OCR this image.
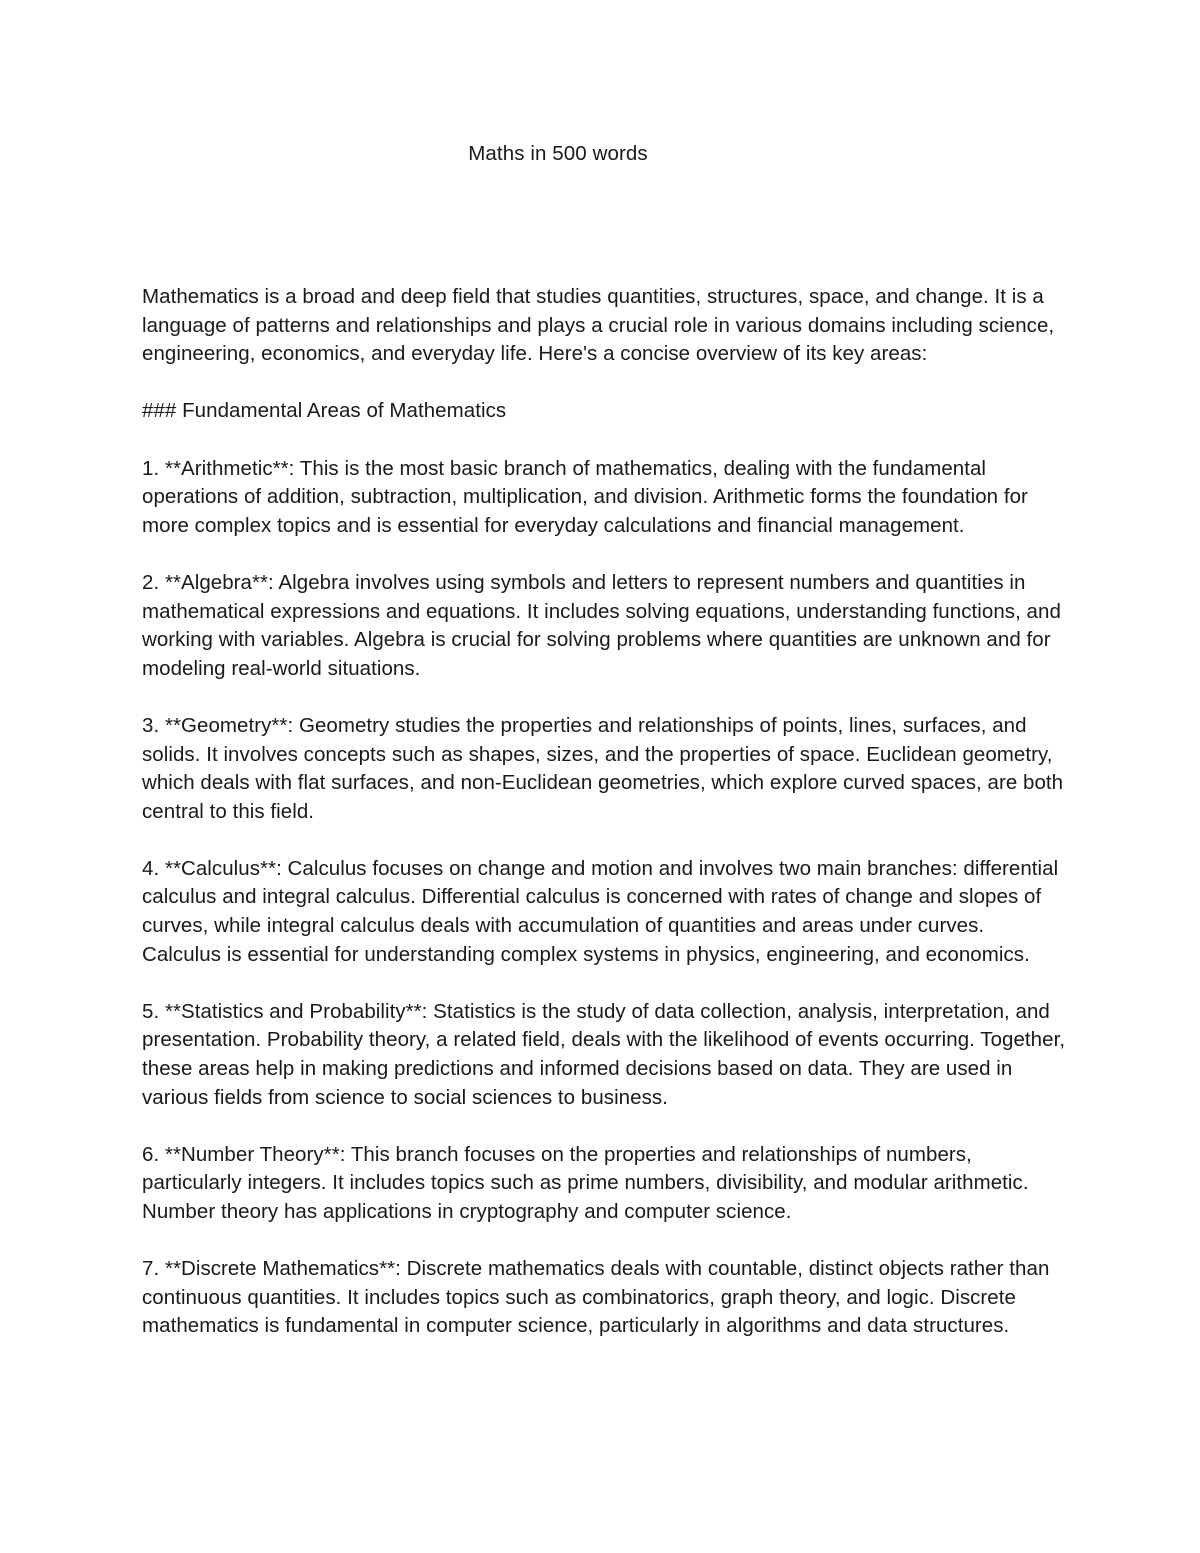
Maths in 500 words

Mathematics is a broad and deep field that studies quantities, structures, space, and change. It is a language of patterns and relationships and plays a crucial role in various domains including science, engineering, economics, and everyday life. Here's a concise overview of its key areas:

### Fundamental Areas of Mathematics

1. **Arithmetic**: This is the most basic branch of mathematics, dealing with the fundamental operations of addition, subtraction, multiplication, and division. Arithmetic forms the foundation for more complex topics and is essential for everyday calculations and financial management.

2. **Algebra**: Algebra involves using symbols and letters to represent numbers and quantities in mathematical expressions and equations. It includes solving equations, understanding functions, and working with variables. Algebra is crucial for solving problems where quantities are unknown and for modeling real-world situations.

3. **Geometry**: Geometry studies the properties and relationships of points, lines, surfaces, and solids. It involves concepts such as shapes, sizes, and the properties of space. Euclidean geometry, which deals with flat surfaces, and non-Euclidean geometries, which explore curved spaces, are both central to this field.

4. **Calculus**: Calculus focuses on change and motion and involves two main branches: differential calculus and integral calculus. Differential calculus is concerned with rates of change and slopes of curves, while integral calculus deals with accumulation of quantities and areas under curves. Calculus is essential for understanding complex systems in physics, engineering, and economics.

5. **Statistics and Probability**: Statistics is the study of data collection, analysis, interpretation, and presentation. Probability theory, a related field, deals with the likelihood of events occurring. Together, these areas help in making predictions and informed decisions based on data. They are used in various fields from science to social sciences to business.

6. **Number Theory**: This branch focuses on the properties and relationships of numbers, particularly integers. It includes topics such as prime numbers, divisibility, and modular arithmetic. Number theory has applications in cryptography and computer science.

7. **Discrete Mathematics**: Discrete mathematics deals with countable, distinct objects rather than continuous quantities. It includes topics such as combinatorics, graph theory, and logic. Discrete mathematics is fundamental in computer science, particularly in algorithms and data structures.
